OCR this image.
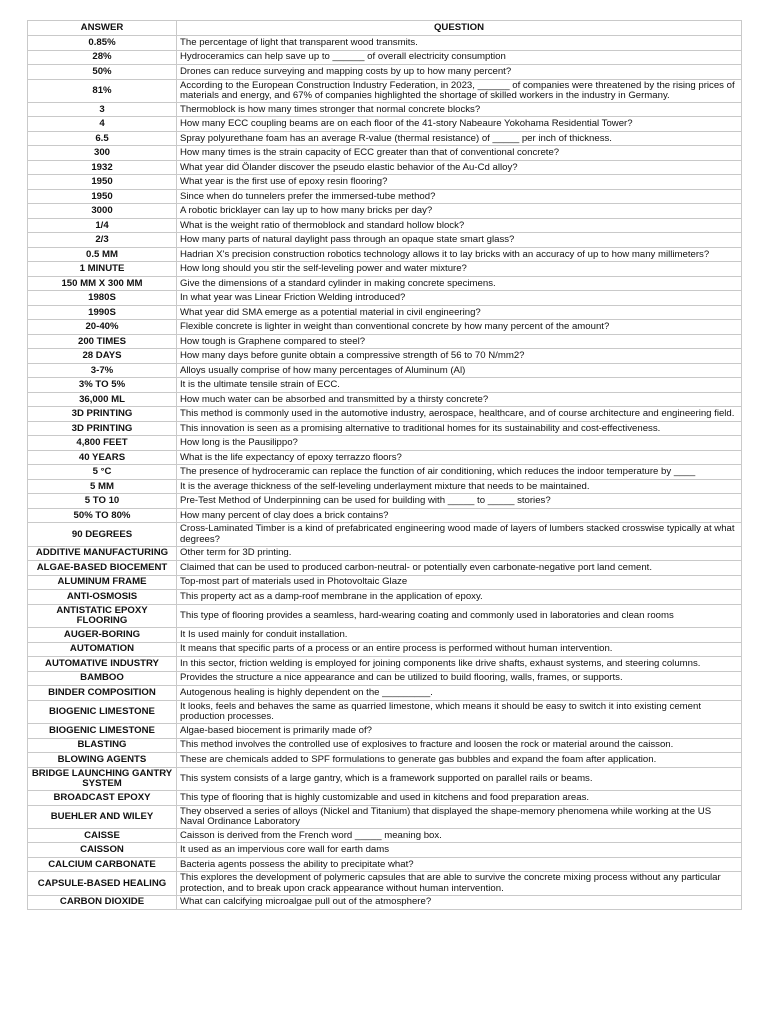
ANSWER	QUESTION
0.85%	The percentage of light that transparent wood transmits.
28%	Hydroceramics can help save up to ______ of overall electricity consumption
50%	Drones can reduce surveying and mapping costs by up to how many percent?
81%	According to the European Construction Industry Federation, in 2023, ______ of companies were threatened by the rising prices of materials and energy, and 67% of companies highlighted the shortage of skilled workers in the industry in Germany.
3	Thermoblock is how many times stronger that normal concrete blocks?
4	How many ECC coupling beams are on each floor of the 41-story Nabeaure Yokohama Residential Tower?
6.5	Spray polyurethane foam has an average R-value (thermal resistance) of _____ per inch of thickness.
300	How many times is the strain capacity of ECC greater than that of conventional concrete?
1932	What year did Ölander discover the pseudo elastic behavior of the Au-Cd alloy?
1950	What year is the first use of epoxy resin flooring?
1950	Since when do tunnelers prefer the immersed-tube method?
3000	A robotic bricklayer can lay up to how many bricks per day?
1/4	What is the weight ratio of thermoblock and standard hollow block?
2/3	How many parts of natural daylight pass through an opaque state smart glass?
0.5 MM	Hadrian X's precision construction robotics technology allows it to lay bricks with an accuracy of up to how many millimeters?
1 MINUTE	How long should you stir the self-leveling power and water mixture?
150 MM X 300 MM	Give the dimensions of a standard cylinder in making concrete specimens.
1980S	In what year was Linear Friction Welding introduced?
1990S	What year did SMA emerge as a potential material in civil engineering?
20-40%	Flexible concrete is lighter in weight than conventional concrete by how many percent of the amount?
200 TIMES	How tough is Graphene compared to steel?
28 DAYS	How many days before gunite obtain a compressive strength of 56 to 70 N/mm2?
3-7%	Alloys usually comprise of how many percentages of Aluminum (Al)
3% TO 5%	It is the ultimate tensile strain of ECC.
36,000 ML	How much water can be absorbed and transmitted by a thirsty concrete?
3D PRINTING	This method is commonly used in the automotive industry, aerospace, healthcare, and of course architecture and engineering field.
3D PRINTING	This innovation is seen as a promising alternative to traditional homes for its sustainability and cost-effectiveness.
4,800 FEET	How long is the Pausilippo?
40 YEARS	What is the life expectancy of epoxy terrazzo floors?
5 °C	The presence of hydroceramic can replace the function of air conditioning, which reduces the indoor temperature by ____
5 MM	It is the average thickness of the self-leveling underlayment mixture that needs to be maintained.
5 TO 10	Pre-Test Method of Underpinning can be used for building with _____ to _____ stories?
50% TO 80%	How many percent of clay does a brick contains?
90 DEGREES	Cross-Laminated Timber is a kind of prefabricated engineering wood made of layers of lumbers stacked crosswise typically at what degrees?
ADDITIVE MANUFACTURING	Other term for 3D printing.
ALGAE-BASED BIOCEMENT	Claimed that can be used to produced carbon-neutral- or potentially even carbonate-negative port land cement.
ALUMINUM FRAME	Top-most part of materials used in Photovoltaic Glaze
ANTI-OSMOSIS	This property act as a damp-roof membrane in the application of epoxy.
ANTISTATIC EPOXY FLOORING	This type of flooring provides a seamless, hard-wearing coating and commonly used in laboratories and clean rooms
AUGER-BORING	It Is used mainly for conduit installation.
AUTOMATION	It means that specific parts of a process or an entire process is performed without human intervention.
AUTOMATIVE INDUSTRY	In this sector, friction welding is employed for joining components like drive shafts, exhaust systems, and steering columns.
BAMBOO	Provides the structure a nice appearance and can be utilized to build flooring, walls, frames, or supports.
BINDER COMPOSITION	Autogenous healing is highly dependent on the _________.
BIOGENIC LIMESTONE	It looks, feels and behaves the same as quarried limestone, which means it should be easy to switch it into existing cement production processes.
BIOGENIC LIMESTONE	Algae-based biocement is primarily made of?
BLASTING	This method involves the controlled use of explosives to fracture and loosen the rock or material around the caisson.
BLOWING AGENTS	These are chemicals added to SPF formulations to generate gas bubbles and expand the foam after application.
BRIDGE LAUNCHING GANTRY SYSTEM	This system consists of a large gantry, which is a framework supported on parallel rails or beams.
BROADCAST EPOXY	This type of flooring that is highly customizable and used in kitchens and food preparation areas.
BUEHLER AND WILEY	They observed a series of alloys (Nickel and Titanium) that displayed the shape-memory phenomena while working at the US Naval Ordinance Laboratory
CAISSE	Caisson is derived from the French word _____ meaning box.
CAISSON	It used as an impervious core wall for earth dams
CALCIUM CARBONATE	Bacteria agents possess the ability to precipitate what?
CAPSULE-BASED HEALING	This explores the development of polymeric capsules that are able to survive the concrete mixing process without any particular protection, and to break upon crack appearance without human intervention.
CARBON DIOXIDE	What can calcifying microalgae pull out of the atmosphere?
